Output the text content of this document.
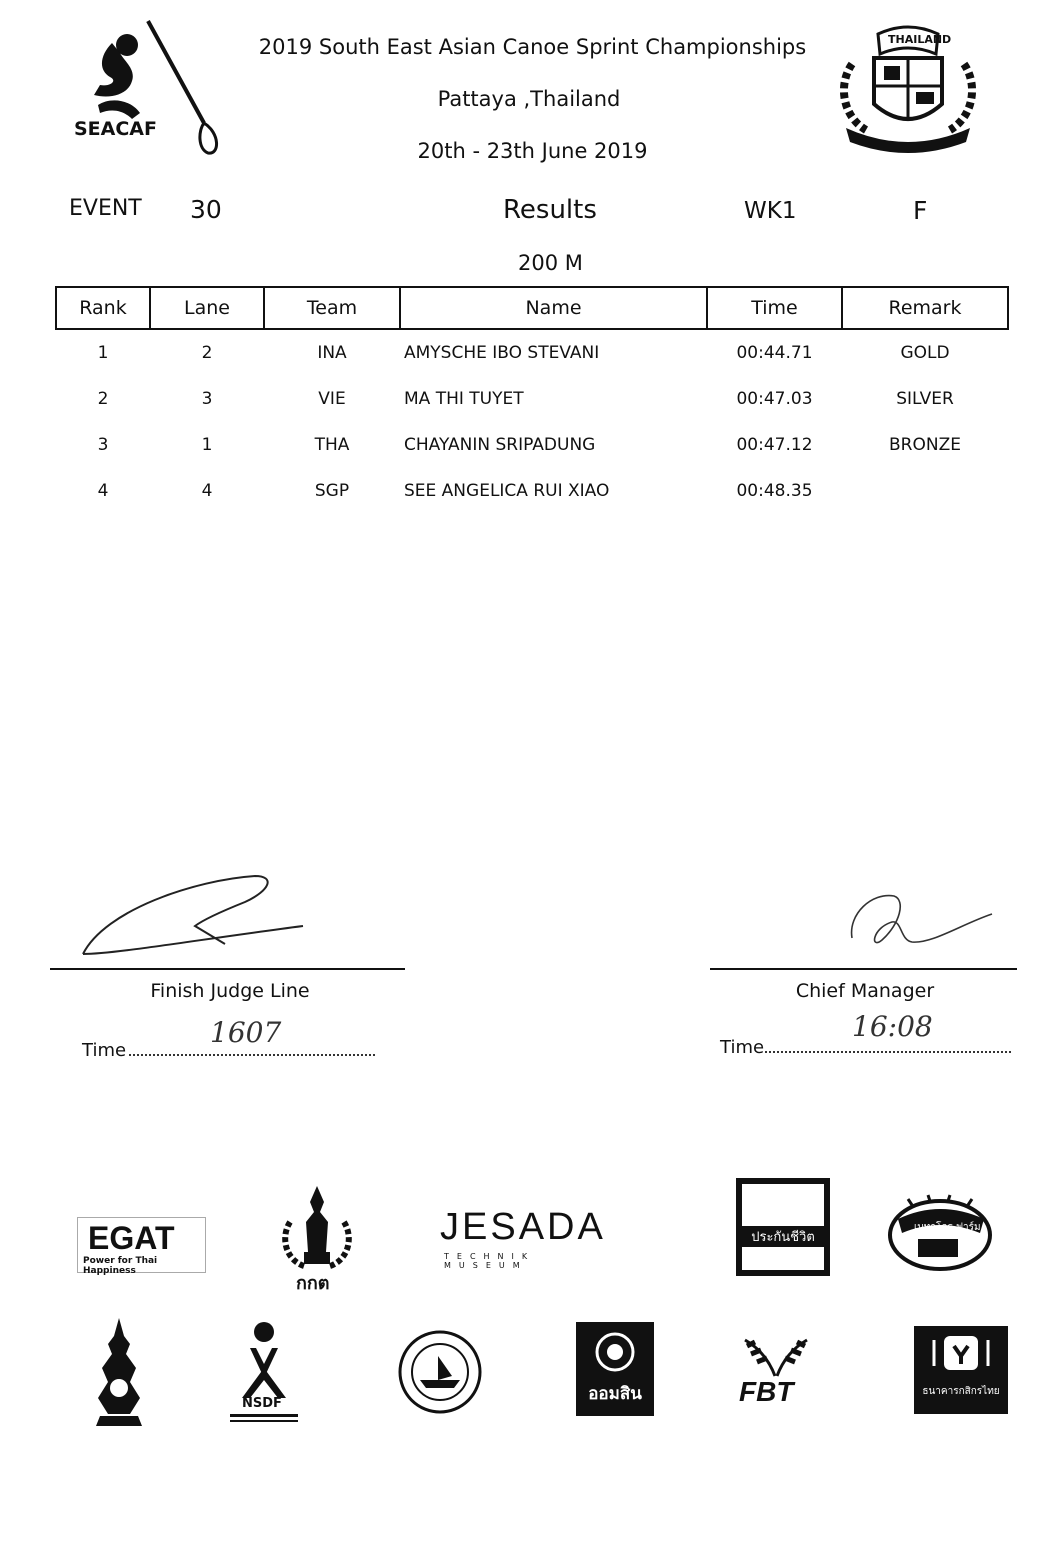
SEACAF
2019 South East Asian Canoe Sprint Championships
Pattaya ,Thailand
20th - 23th June 2019
THAILAND
EVENT 30	Results	WK1	F
200 M
Rank	Lane	Team	Name	Time	Remark
1	2	INA	AMYSCHE IBO STEVANI	00:44.71	GOLD
2	3	VIE	MA THI TUYET	00:47.03	SILVER
3	1	THA	CHAYANIN SRIPADUNG	00:47.12	BRONZE
4	4	SGP	SEE ANGELICA RUI XIAO	00:48.35	
Finish Judge Line
Time
1607
Chief Manager
Time
16:08
EGAT
Power for Thai Happiness
กกต
JESADA
TECHNIK MUSEUM
ประกันชีวิต
เบทาโกร ฟาร์ม
NSDF	ออมสิน	FBT	ธนาคารกสิกรไทย
